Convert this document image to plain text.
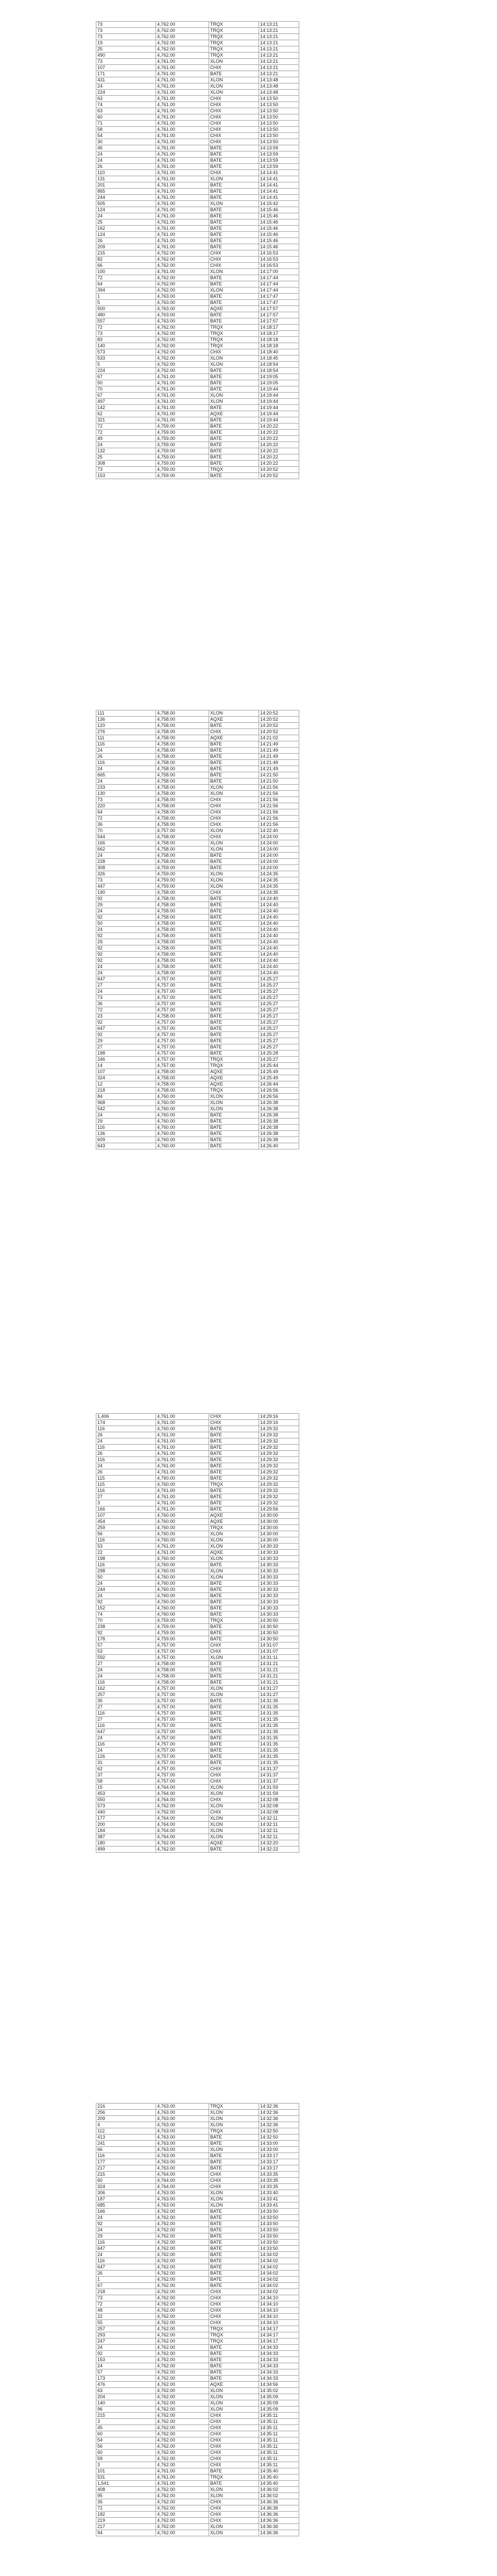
73	4,762.00	TRQX	14:13:21
73	4,762.00	TRQX	14:13:21
73	4,762.00	TRQX	14:13:21
19	4,762.00	TRQX	14:13:21
25	4,762.00	TRQX	14:13:21
490	4,762.00	TRQX	14:13:21
73	4,761.00	XLON	14:13:21
107	4,761.00	CHIX	14:13:21
171	4,761.00	BATE	14:13:21
431	4,761.00	XLON	14:13:48
24	4,761.00	XLON	14:13:48
224	4,761.00	XLON	14:13:48
63	4,761.00	CHIX	14:13:50
74	4,761.00	CHIX	14:13:50
63	4,761.00	CHIX	14:13:50
60	4,761.00	CHIX	14:13:50
71	4,761.00	CHIX	14:13:50
58	4,761.00	CHIX	14:13:50
54	4,761.00	CHIX	14:13:50
30	4,761.00	CHIX	14:13:50
46	4,761.00	BATE	14:13:59
24	4,761.00	BATE	14:13:59
24	4,761.00	BATE	14:13:59
26	4,761.00	BATE	14:13:59
110	4,761.00	CHIX	14:14:41
131	4,761.00	XLON	14:14:41
201	4,761.00	BATE	14:14:41
865	4,761.00	BATE	14:14:41
244	4,761.00	BATE	14:14:41
505	4,761.00	XLON	14:15:42
124	4,761.00	BATE	14:15:46
24	4,761.00	BATE	14:15:46
25	4,761.00	BATE	14:15:46
162	4,761.00	BATE	14:15:46
124	4,761.00	BATE	14:15:46
26	4,761.00	BATE	14:15:46
209	4,761.00	BATE	14:15:46
215	4,762.00	CHIX	14:16:53
82	4,762.00	CHIX	14:16:53
66	4,762.00	CHIX	14:16:53
100	4,761.00	XLON	14:17:00
72	4,762.00	BATE	14:17:44
64	4,762.00	BATE	14:17:44
394	4,762.00	XLON	14:17:44
1	4,763.00	BATE	14:17:47
5	4,763.00	BATE	14:17:47
500	4,763.00	AQXE	14:17:57
480	4,763.00	BATE	14:17:57
557	4,763.00	BATE	14:17:57
72	4,762.00	TRQX	14:18:17
73	4,762.00	TRQX	14:18:17
83	4,762.00	TRQX	14:18:18
140	4,762.00	TRQX	14:18:18
573	4,762.00	CHIX	14:18:40
533	4,762.00	XLON	14:18:45
5	4,762.00	XLON	14:18:54
224	4,762.00	BATE	14:18:54
67	4,761.00	BATE	14:19:05
50	4,761.00	BATE	14:19:05
70	4,761.00	BATE	14:19:44
67	4,761.00	XLON	14:19:44
497	4,761.00	XLON	14:19:44
142	4,761.00	BATE	14:19:44
62	4,761.00	AQXE	14:19:44
321	4,761.00	BATE	14:19:44
72	4,759.00	BATE	14:20:22
72	4,759.00	BATE	14:20:22
49	4,759.00	BATE	14:20:22
24	4,759.00	BATE	14:20:22
132	4,759.00	BATE	14:20:22
25	4,759.00	BATE	14:20:22
308	4,759.00	BATE	14:20:22
73	4,759.00	TRQX	14:20:52
153	4,759.00	BATE	14:20:52
111	4,758.00	XLON	14:20:52
136	4,758.00	AQXE	14:20:52
120	4,758.00	BATE	14:20:52
276	4,758.00	CHIX	14:20:52
111	4,758.00	AQXE	14:21:02
116	4,758.00	BATE	14:21:49
24	4,758.00	BATE	14:21:49
26	4,758.00	BATE	14:21:49
116	4,758.00	BATE	14:21:49
24	4,758.00	BATE	14:21:49
665	4,758.00	BATE	14:21:50
24	4,758.00	BATE	14:21:50
233	4,758.00	XLON	14:21:56
130	4,758.00	XLON	14:21:56
73	4,758.00	CHIX	14:21:56
220	4,758.00	CHIX	14:21:56
64	4,758.00	CHIX	14:21:56
72	4,758.00	CHIX	14:21:56
36	4,758.00	CHIX	14:21:56
70	4,757.00	XLON	14:22:40
544	4,758.00	CHIX	14:24:00
166	4,758.00	XLON	14:24:00
662	4,758.00	XLON	14:24:00
24	4,758.00	BATE	14:24:00
228	4,758.00	BATE	14:24:00
308	4,759.00	BATE	14:24:00
326	4,759.00	XLON	14:24:35
73	4,759.00	XLON	14:24:35
447	4,759.00	XLON	14:24:35
190	4,758.00	CHIX	14:24:35
92	4,758.00	BATE	14:24:40
29	4,758.00	BATE	14:24:40
24	4,758.00	BATE	14:24:40
92	4,758.00	BATE	14:24:40
50	4,758.00	BATE	14:24:40
24	4,758.00	BATE	14:24:40
92	4,758.00	BATE	14:24:40
29	4,758.00	BATE	14:24:40
92	4,758.00	BATE	14:24:40
92	4,758.00	BATE	14:24:40
92	4,758.00	BATE	14:24:40
24	4,758.00	BATE	14:24:40
24	4,758.00	BATE	14:24:40
647	4,757.00	BATE	14:25:27
27	4,757.00	BATE	14:25:27
24	4,757.00	BATE	14:25:27
73	4,757.00	BATE	14:25:27
36	4,757.00	BATE	14:25:27
72	4,757.00	BATE	14:25:27
23	4,758.00	BATE	14:25:27
92	4,757.00	BATE	14:25:27
647	4,757.00	BATE	14:25:27
92	4,757.00	BATE	14:25:27
29	4,757.00	BATE	14:25:27
27	4,757.00	BATE	14:25:27
198	4,757.00	BATE	14:25:28
246	4,757.00	TRQX	14:25:27
14	4,757.00	TRQX	14:25:44
107	4,758.00	AQXE	14:25:49
324	4,758.00	AQXE	14:25:49
12	4,758.00	AQXE	14:26:44
218	4,758.00	TRQX	14:26:56
84	4,760.00	XLON	14:26:56
968	4,760.00	XLON	14:26:38
542	4,760.00	XLON	14:26:38
24	4,760.00	BATE	14:26:38
29	4,760.00	BATE	14:26:38
116	4,760.00	BATE	14:26:38
136	4,760.00	BATE	14:26:38
609	4,760.00	BATE	14:26:38
643	4,760.00	BATE	14:26:40
1,406	4,761.00	CHIX	14:29:16
174	4,761.00	CHIX	14:29:16
116	4,760.00	BATE	14:29:32
26	4,761.00	BATE	14:29:32
24	4,761.00	BATE	14:29:32
116	4,761.00	BATE	14:29:32
26	4,761.00	BATE	14:29:32
116	4,761.00	BATE	14:29:32
24	4,761.00	BATE	14:29:32
26	4,761.00	BATE	14:29:32
115	4,760.00	BATE	14:29:32
115	4,760.00	TRQX	14:29:32
116	4,761.00	BATE	14:29:32
27	4,761.00	BATE	14:29:32
3	4,761.00	BATE	14:29:32
166	4,761.00	BATE	14:29:56
107	4,760.00	AQXE	14:30:00
454	4,760.00	AQXE	14:30:00
259	4,760.00	TRQX	14:30:00
56	4,760.00	XLON	14:30:00
116	4,760.00	XLON	14:30:00
53	4,761.00	XLON	14:30:33
22	4,761.00	AQXE	14:30:33
198	4,760.00	XLON	14:30:33
116	4,760.00	BATE	14:30:33
298	4,760.00	XLON	14:30:33
50	4,760.00	XLON	14:30:33
24	4,760.00	BATE	14:30:33
244	4,760.00	BATE	14:30:33
24	4,760.00	BATE	14:30:33
92	4,760.00	BATE	14:30:33
152	4,760.00	BATE	14:30:33
74	4,760.00	BATE	14:30:33
70	4,759.00	TRQX	14:30:50
238	4,759.00	BATE	14:30:50
92	4,759.00	BATE	14:30:50
178	4,759.00	BATE	14:30:50
57	4,757.00	CHIX	14:31:07
53	4,757.00	CHIX	14:31:07
592	4,757.00	XLON	14:31:11
27	4,758.00	BATE	14:31:21
24	4,758.00	BATE	14:31:21
24	4,758.00	BATE	14:31:21
116	4,758.00	BATE	14:31:21
162	4,757.00	XLON	14:31:27
257	4,757.00	XLON	14:31:27
35	4,757.00	BATE	14:31:35
27	4,757.00	BATE	14:31:35
116	4,757.00	BATE	14:31:35
27	4,757.00	BATE	14:31:35
116	4,757.00	BATE	14:31:35
647	4,757.00	BATE	14:31:35
24	4,757.00	BATE	14:31:35
116	4,757.00	BATE	14:31:35
24	4,757.00	BATE	14:31:35
126	4,757.00	BATE	14:31:35
31	4,757.00	BATE	14:31:35
62	4,757.00	CHIX	14:31:37
37	4,757.00	CHIX	14:31:37
58	4,757.00	CHIX	14:31:37
15	4,764.00	XLON	14:31:59
453	4,764.00	XLON	14:31:59
550	4,764.00	CHIX	14:32:08
573	4,762.00	XLON	14:32:08
440	4,762.00	CHIX	14:32:08
177	4,764.00	XLON	14:32:11
200	4,764.00	XLON	14:32:11
184	4,764.00	XLON	14:32:11
387	4,764.00	XLON	14:32:11
180	4,762.00	AQXE	14:32:20
499	4,762.00	BATE	14:32:22
216	4,763.00	TRQX	14:32:36
256	4,763.00	XLON	14:32:36
209	4,763.00	XLON	14:32:36
4	4,763.00	XLON	14:32:36
112	4,763.00	TRQX	14:32:50
413	4,763.00	BATE	14:32:50
241	4,763.00	BATE	14:33:00
66	4,763.00	XLON	14:33:00
116	4,763.00	BATE	14:33:17
177	4,763.00	BATE	14:33:17
217	4,763.00	BATE	14:33:17
215	4,764.00	CHIX	14:33:35
60	4,764.00	CHIX	14:33:35
324	4,764.00	CHIX	14:33:35
306	4,763.00	XLON	14:33:40
187	4,763.00	XLON	14:33:41
685	4,763.00	XLON	14:33:41
166	4,762.00	BATE	14:33:50
24	4,762.00	BATE	14:33:50
92	4,762.00	BATE	14:33:50
24	4,762.00	BATE	14:33:50
29	4,762.00	BATE	14:33:50
116	4,762.00	BATE	14:33:50
647	4,762.00	BATE	14:33:50
24	4,762.00	BATE	14:34:02
116	4,762.00	BATE	14:34:02
647	4,762.00	BATE	14:34:02
26	4,762.00	BATE	14:34:02
1	4,762.00	BATE	14:34:02
67	4,762.00	BATE	14:34:02
218	4,762.00	CHIX	14:34:02
73	4,762.00	CHIX	14:34:10
72	4,762.00	CHIX	14:34:10
48	4,762.00	CHIX	14:34:10
22	4,762.00	CHIX	14:34:10
55	4,762.00	CHIX	14:34:10
257	4,762.00	TRQX	14:34:17
293	4,762.00	TRQX	14:34:17
247	4,762.00	TRQX	14:34:17
24	4,762.00	BATE	14:34:33
92	4,762.00	BATE	14:34:33
153	4,762.00	BATE	14:34:33
24	4,762.00	BATE	14:34:33
57	4,762.00	BATE	14:34:33
173	4,762.00	BATE	14:34:33
476	4,762.00	AQXE	14:34:56
63	4,762.00	XLON	14:35:02
204	4,762.00	XLON	14:35:09
140	4,762.00	XLON	14:35:09
96	4,762.00	XLON	14:35:09
215	4,762.00	CHIX	14:35:11
3	4,762.00	CHIX	14:35:11
45	4,762.00	CHIX	14:35:11
60	4,762.00	CHIX	14:35:11
54	4,762.00	CHIX	14:35:11
56	4,762.00	CHIX	14:35:11
60	4,762.00	CHIX	14:35:11
59	4,762.00	CHIX	14:35:11
3	4,762.00	CHIX	14:35:11
101	4,761.00	BATE	14:35:40
531	4,761.00	TRQX	14:35:40
1,541	4,761.00	BATE	14:35:40
408	4,762.00	XLON	14:36:02
95	4,762.00	XLON	14:36:02
35	4,762.00	CHIX	14:36:36
72	4,762.00	CHIX	14:36:36
182	4,762.00	CHIX	14:36:36
219	4,762.00	CHIX	14:36:36
217	4,762.00	XLON	14:36:36
94	4,762.00	XLON	14:36:36
